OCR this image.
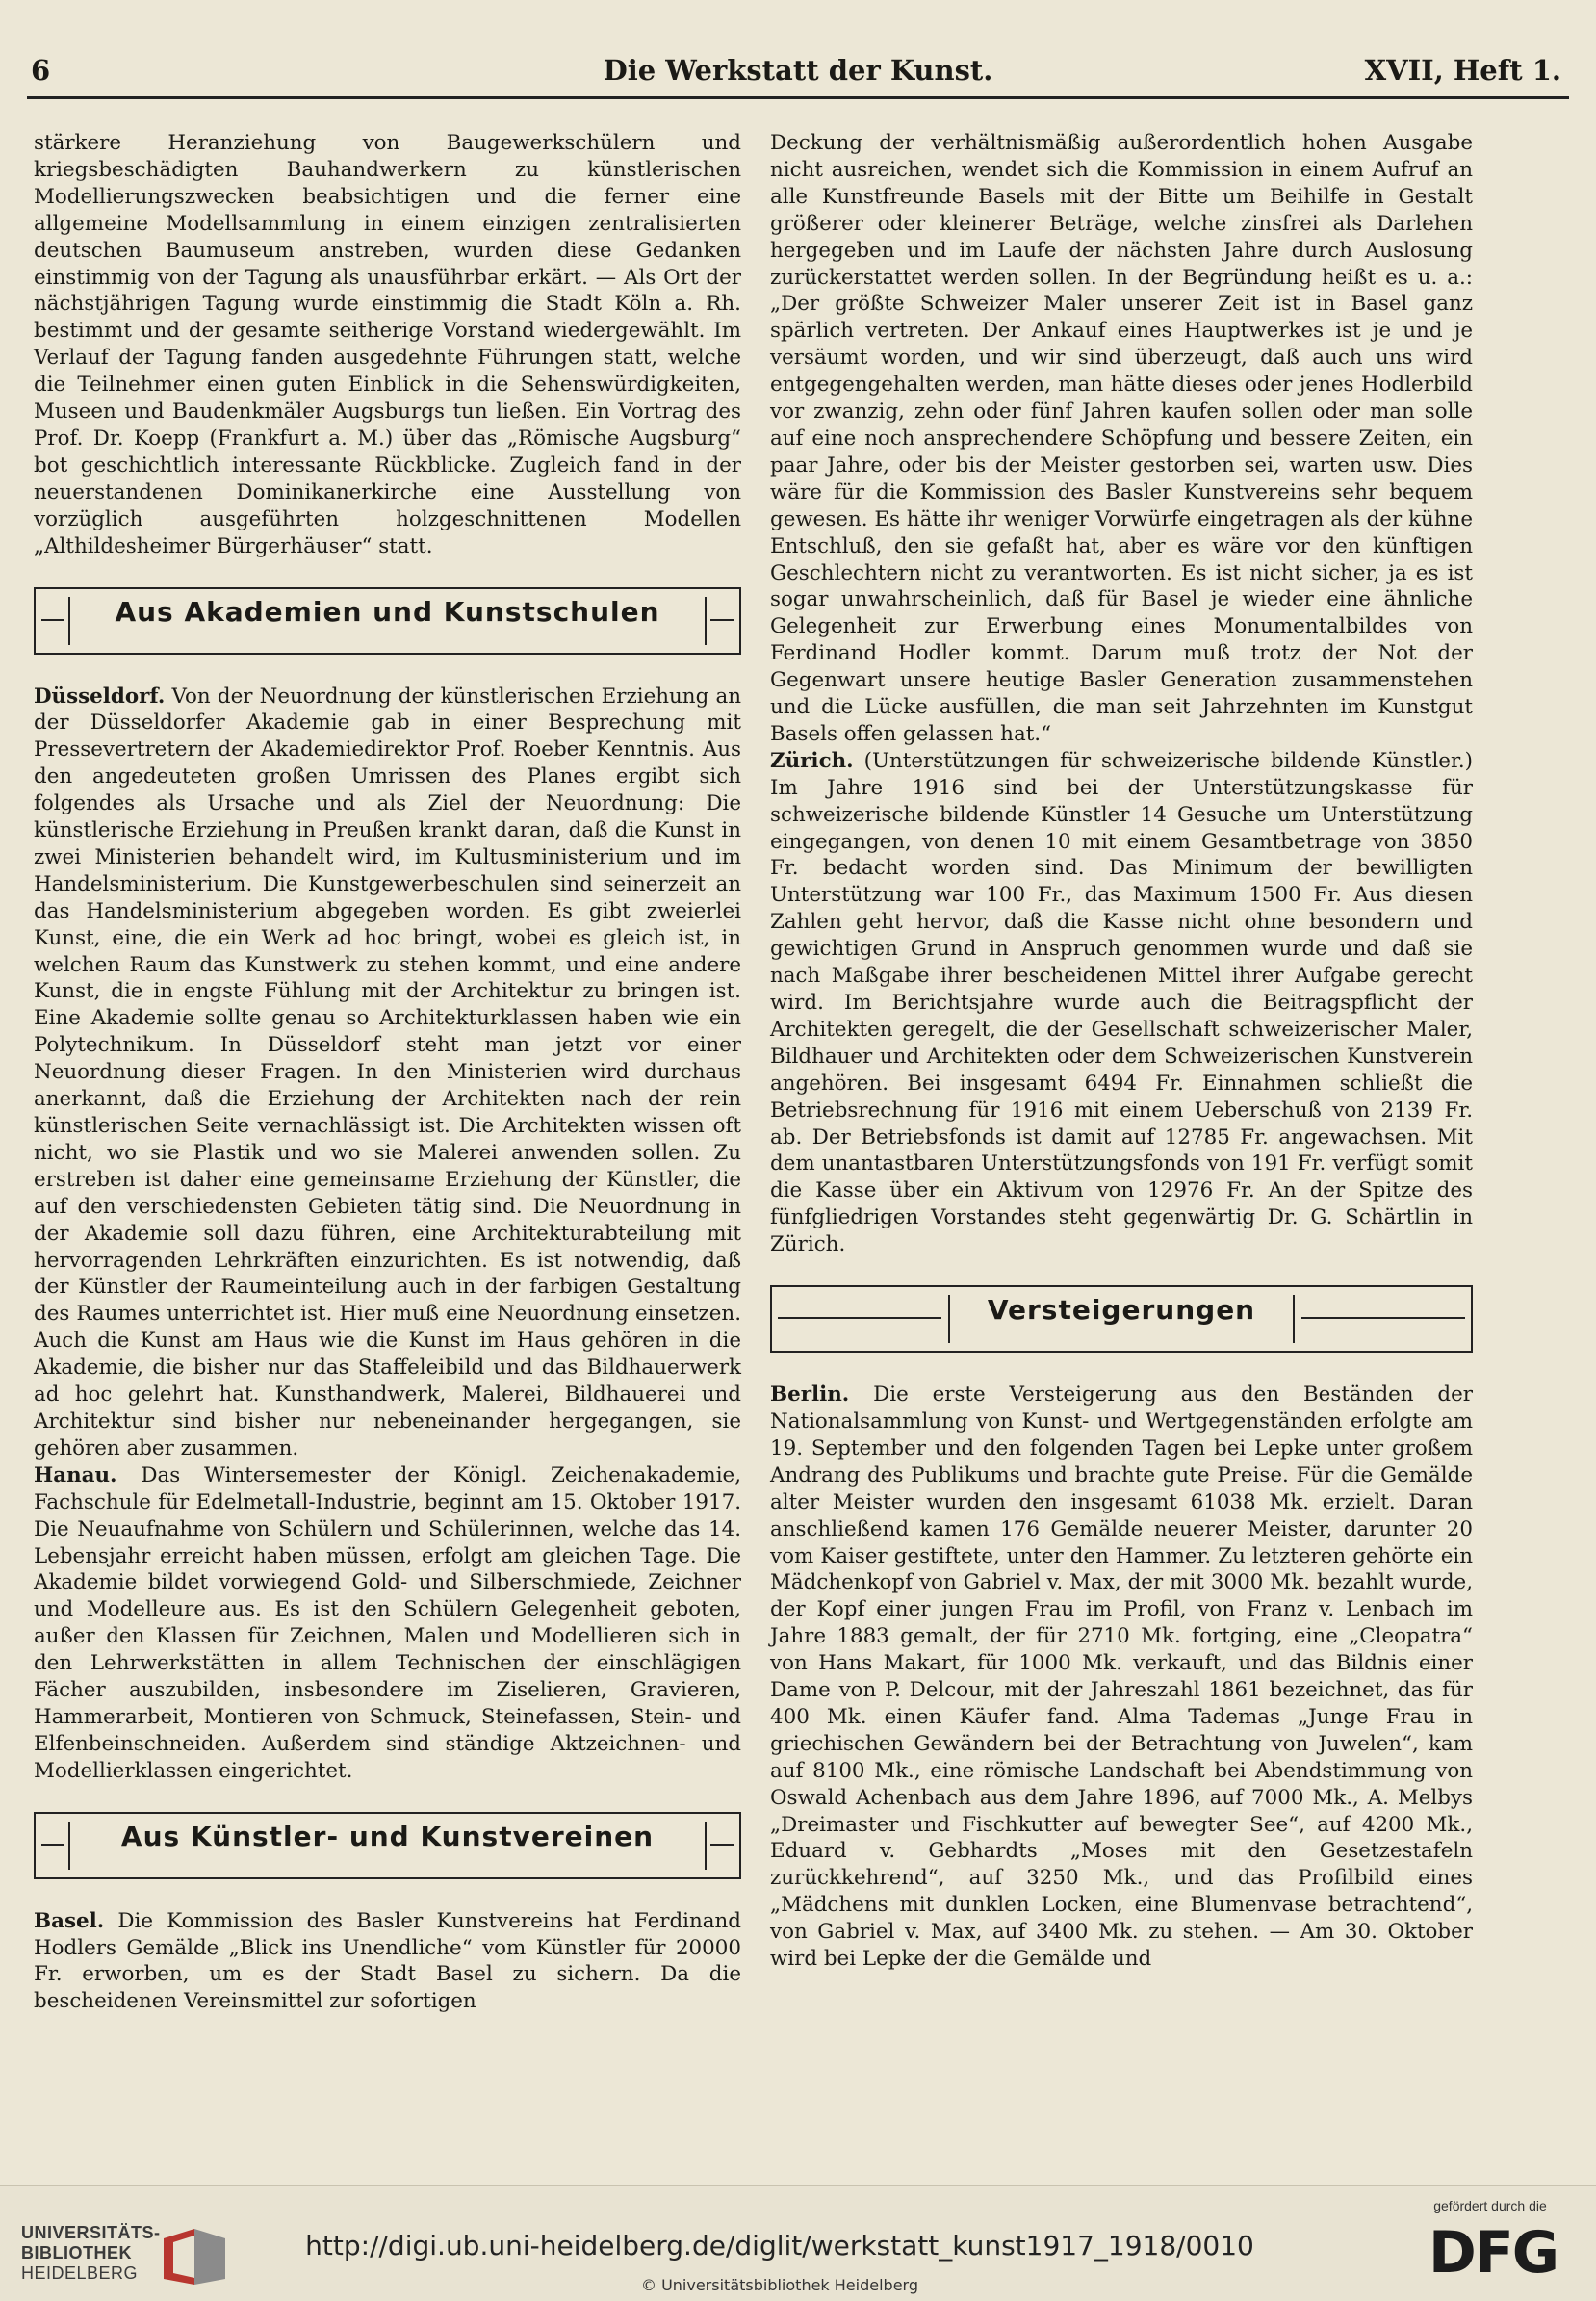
6	Die Werkstatt der Kunst.	XVII, Heft 1.

stärkere Heranziehung von Baugewerkschülern und kriegsbeschädigten Bauhandwerkern zu künstlerischen Modellierungszwecken beabsichtigen und die ferner eine allgemeine Modellsammlung in einem einzigen zentralisierten deutschen Baumuseum anstreben, wurden diese Gedanken einstimmig von der Tagung als unausführbar erkärt. — Als Ort der nächstjährigen Tagung wurde einstimmig die Stadt Köln a. Rh. bestimmt und der gesamte seitherige Vorstand wiedergewählt. Im Verlauf der Tagung fanden ausgedehnte Führungen statt, welche die Teilnehmer einen guten Einblick in die Sehenswürdigkeiten, Museen und Baudenkmäler Augsburgs tun ließen. Ein Vortrag des Prof. Dr. Koepp (Frankfurt a. M.) über das „Römische Augsburg“ bot geschichtlich interessante Rückblicke. Zugleich fand in der neuerstandenen Dominikanerkirche eine Ausstellung von vorzüglich ausgeführten holzgeschnittenen Modellen „Althildesheimer Bürgerhäuser“ statt.

Aus Akademien und Kunstschulen

Düsseldorf. Von der Neuordnung der künstlerischen Erziehung an der Düsseldorfer Akademie gab in einer Besprechung mit Pressevertretern der Akademiedirektor Prof. Roeber Kenntnis. Aus den angedeuteten großen Umrissen des Planes ergibt sich folgendes als Ursache und als Ziel der Neuordnung: Die künstlerische Erziehung in Preußen krankt daran, daß die Kunst in zwei Ministerien behandelt wird, im Kultusministerium und im Handelsministerium. Die Kunstgewerbeschulen sind seinerzeit an das Handelsministerium abgegeben worden. Es gibt zweierlei Kunst, eine, die ein Werk ad hoc bringt, wobei es gleich ist, in welchen Raum das Kunstwerk zu stehen kommt, und eine andere Kunst, die in engste Fühlung mit der Architektur zu bringen ist. Eine Akademie sollte genau so Architekturklassen haben wie ein Polytechnikum. In Düsseldorf steht man jetzt vor einer Neuordnung dieser Fragen. In den Ministerien wird durchaus anerkannt, daß die Erziehung der Architekten nach der rein künstlerischen Seite vernachlässigt ist. Die Architekten wissen oft nicht, wo sie Plastik und wo sie Malerei anwenden sollen. Zu erstreben ist daher eine gemeinsame Erziehung der Künstler, die auf den verschiedensten Gebieten tätig sind. Die Neuordnung in der Akademie soll dazu führen, eine Architekturabteilung mit hervorragenden Lehrkräften einzurichten. Es ist notwendig, daß der Künstler der Raumeinteilung auch in der farbigen Gestaltung des Raumes unterrichtet ist. Hier muß eine Neuordnung einsetzen. Auch die Kunst am Haus wie die Kunst im Haus gehören in die Akademie, die bisher nur das Staffeleibild und das Bildhauerwerk ad hoc gelehrt hat. Kunsthandwerk, Malerei, Bildhauerei und Architektur sind bisher nur nebeneinander hergegangen, sie gehören aber zusammen.

Hanau. Das Wintersemester der Königl. Zeichenakademie, Fachschule für Edelmetall-Industrie, beginnt am 15. Oktober 1917. Die Neuaufnahme von Schülern und Schülerinnen, welche das 14. Lebensjahr erreicht haben müssen, erfolgt am gleichen Tage. Die Akademie bildet vorwiegend Gold- und Silberschmiede, Zeichner und Modelleure aus. Es ist den Schülern Gelegenheit geboten, außer den Klassen für Zeichnen, Malen und Modellieren sich in den Lehrwerkstätten in allem Technischen der einschlägigen Fächer auszubilden, insbesondere im Ziselieren, Gravieren, Hammerarbeit, Montieren von Schmuck, Steinefassen, Stein- und Elfenbeinschneiden. Außerdem sind ständige Aktzeichnen- und Modellierklassen eingerichtet.

Aus Künstler- und Kunstvereinen

Basel. Die Kommission des Basler Kunstvereins hat Ferdinand Hodlers Gemälde „Blick ins Unendliche“ vom Künstler für 20000 Fr. erworben, um es der Stadt Basel zu sichern. Da die bescheidenen Vereinsmittel zur sofortigen

Deckung der verhältnismäßig außerordentlich hohen Ausgabe nicht ausreichen, wendet sich die Kommission in einem Aufruf an alle Kunstfreunde Basels mit der Bitte um Beihilfe in Gestalt größerer oder kleinerer Beträge, welche zinsfrei als Darlehen hergegeben und im Laufe der nächsten Jahre durch Auslosung zurückerstattet werden sollen. In der Begründung heißt es u. a.: „Der größte Schweizer Maler unserer Zeit ist in Basel ganz spärlich vertreten. Der Ankauf eines Hauptwerkes ist je und je versäumt worden, und wir sind überzeugt, daß auch uns wird entgegengehalten werden, man hätte dieses oder jenes Hodlerbild vor zwanzig, zehn oder fünf Jahren kaufen sollen oder man solle auf eine noch ansprechendere Schöpfung und bessere Zeiten, ein paar Jahre, oder bis der Meister gestorben sei, warten usw. Dies wäre für die Kommission des Basler Kunstvereins sehr bequem gewesen. Es hätte ihr weniger Vorwürfe eingetragen als der kühne Entschluß, den sie gefaßt hat, aber es wäre vor den künftigen Geschlechtern nicht zu verantworten. Es ist nicht sicher, ja es ist sogar unwahrscheinlich, daß für Basel je wieder eine ähnliche Gelegenheit zur Erwerbung eines Monumentalbildes von Ferdinand Hodler kommt. Darum muß trotz der Not der Gegenwart unsere heutige Basler Generation zusammenstehen und die Lücke ausfüllen, die man seit Jahrzehnten im Kunstgut Basels offen gelassen hat.“

Zürich. (Unterstützungen für schweizerische bildende Künstler.) Im Jahre 1916 sind bei der Unterstützungskasse für schweizerische bildende Künstler 14 Gesuche um Unterstützung eingegangen, von denen 10 mit einem Gesamtbetrage von 3850 Fr. bedacht worden sind. Das Minimum der bewilligten Unterstützung war 100 Fr., das Maximum 1500 Fr. Aus diesen Zahlen geht hervor, daß die Kasse nicht ohne besondern und gewichtigen Grund in Anspruch genommen wurde und daß sie nach Maßgabe ihrer bescheidenen Mittel ihrer Aufgabe gerecht wird. Im Berichtsjahre wurde auch die Beitragspflicht der Architekten geregelt, die der Gesellschaft schweizerischer Maler, Bildhauer und Architekten oder dem Schweizerischen Kunstverein angehören. Bei insgesamt 6494 Fr. Einnahmen schließt die Betriebsrechnung für 1916 mit einem Ueberschuß von 2139 Fr. ab. Der Betriebsfonds ist damit auf 12785 Fr. angewachsen. Mit dem unantastbaren Unterstützungsfonds von 191 Fr. verfügt somit die Kasse über ein Aktivum von 12976 Fr. An der Spitze des fünfgliedrigen Vorstandes steht gegenwärtig Dr. G. Schärtlin in Zürich.

Versteigerungen

Berlin. Die erste Versteigerung aus den Beständen der Nationalsammlung von Kunst- und Wertgegenständen erfolgte am 19. September und den folgenden Tagen bei Lepke unter großem Andrang des Publikums und brachte gute Preise. Für die Gemälde alter Meister wurden den insgesamt 61038 Mk. erzielt. Daran anschließend kamen 176 Gemälde neuerer Meister, darunter 20 vom Kaiser gestiftete, unter den Hammer. Zu letzteren gehörte ein Mädchenkopf von Gabriel v. Max, der mit 3000 Mk. bezahlt wurde, der Kopf einer jungen Frau im Profil, von Franz v. Lenbach im Jahre 1883 gemalt, der für 2710 Mk. fortging, eine „Cleopatra“ von Hans Makart, für 1000 Mk. verkauft, und das Bildnis einer Dame von P. Delcour, mit der Jahreszahl 1861 bezeichnet, das für 400 Mk. einen Käufer fand. Alma Tademas „Junge Frau in griechischen Gewändern bei der Betrachtung von Juwelen“, kam auf 8100 Mk., eine römische Landschaft bei Abendstimmung von Oswald Achenbach aus dem Jahre 1896, auf 7000 Mk., A. Melbys „Dreimaster und Fischkutter auf bewegter See“, auf 4200 Mk., Eduard v. Gebhardts „Moses mit den Gesetzestafeln zurückkehrend“, auf 3250 Mk., und das Profilbild eines „Mädchens mit dunklen Locken, eine Blumenvase betrachtend“, von Gabriel v. Max, auf 3400 Mk. zu stehen. — Am 30. Oktober wird bei Lepke der die Gemälde und

UNIVERSITÄTS-
BIBLIOTHEK
HEIDELBERG
http://digi.ub.uni-heidelberg.de/diglit/werkstatt_kunst1917_1918/0010
© Universitätsbibliothek Heidelberg
gefördert durch die
DFG
